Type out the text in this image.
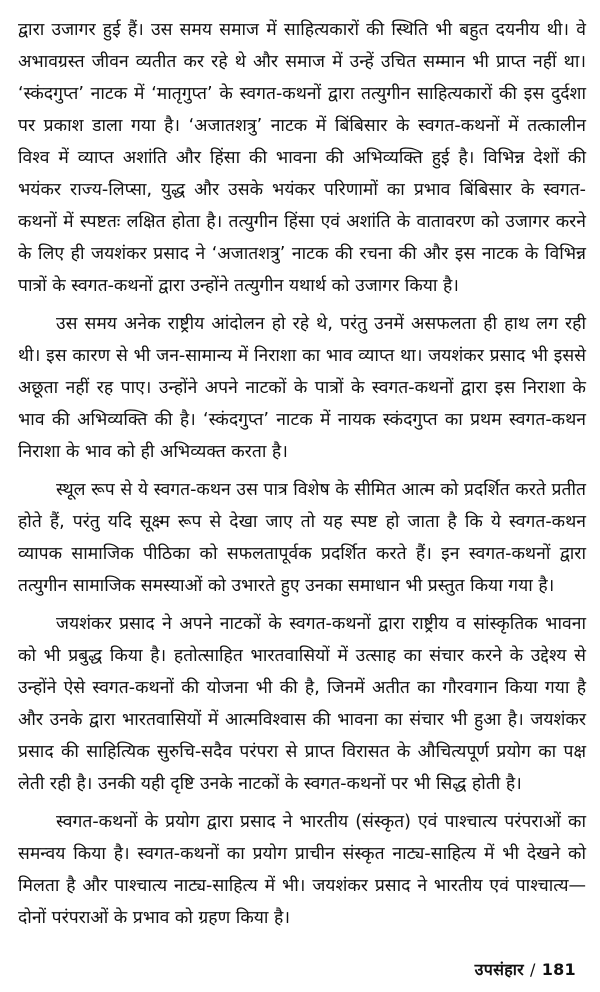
द्वारा उजागर हुई हैं। उस समय समाज में साहित्यकारों की स्थिति भी बहुत दयनीय थी। वे अभावग्रस्त जीवन व्यतीत कर रहे थे और समाज में उन्हें उचित सम्मान भी प्राप्त नहीं था। ‘स्कंदगुप्त’ नाटक में ‘मातृगुप्त’ के स्वगत-कथनों द्वारा तत्युगीन साहित्यकारों की इस दुर्दशा पर प्रकाश डाला गया है। ‘अजातशत्रु’ नाटक में बिंबिसार के स्वगत-कथनों में तत्कालीन विश्व में व्याप्त अशांति और हिंसा की भावना की अभिव्यक्ति हुई है। विभिन्न देशों की भयंकर राज्य-लिप्सा, युद्ध और उसके भयंकर परिणामों का प्रभाव बिंबिसार के स्वगत-कथनों में स्पष्टतः लक्षित होता है। तत्युगीन हिंसा एवं अशांति के वातावरण को उजागर करने के लिए ही जयशंकर प्रसाद ने ‘अजातशत्रु’ नाटक की रचना की और इस नाटक के विभिन्न पात्रों के स्वगत-कथनों द्वारा उन्होंने तत्युगीन यथार्थ को उजागर किया है।

उस समय अनेक राष्ट्रीय आंदोलन हो रहे थे, परंतु उनमें असफलता ही हाथ लग रही थी। इस कारण से भी जन-सामान्य में निराशा का भाव व्याप्त था। जयशंकर प्रसाद भी इससे अछूता नहीं रह पाए। उन्होंने अपने नाटकों के पात्रों के स्वगत-कथनों द्वारा इस निराशा के भाव की अभिव्यक्ति की है। ‘स्कंदगुप्त’ नाटक में नायक स्कंदगुप्त का प्रथम स्वगत-कथन निराशा के भाव को ही अभिव्यक्त करता है।

स्थूल रूप से ये स्वगत-कथन उस पात्र विशेष के सीमित आत्म को प्रदर्शित करते प्रतीत होते हैं, परंतु यदि सूक्ष्म रूप से देखा जाए तो यह स्पष्ट हो जाता है कि ये स्वगत-कथन व्यापक सामाजिक पीठिका को सफलतापूर्वक प्रदर्शित करते हैं। इन स्वगत-कथनों द्वारा तत्युगीन सामाजिक समस्याओं को उभारते हुए उनका समाधान भी प्रस्तुत किया गया है।

जयशंकर प्रसाद ने अपने नाटकों के स्वगत-कथनों द्वारा राष्ट्रीय व सांस्कृतिक भावना को भी प्रबुद्ध किया है। हतोत्साहित भारतवासियों में उत्साह का संचार करने के उद्देश्य से उन्होंने ऐसे स्वगत-कथनों की योजना भी की है, जिनमें अतीत का गौरवगान किया गया है और उनके द्वारा भारतवासियों में आत्मविश्वास की भावना का संचार भी हुआ है। जयशंकर प्रसाद की साहित्यिक सुरुचि-सदैव परंपरा से प्राप्त विरासत के औचित्यपूर्ण प्रयोग का पक्ष लेती रही है। उनकी यही दृष्टि उनके नाटकों के स्वगत-कथनों पर भी सिद्ध होती है।

स्वगत-कथनों के प्रयोग द्वारा प्रसाद ने भारतीय (संस्कृत) एवं पाश्चात्य परंपराओं का समन्वय किया है। स्वगत-कथनों का प्रयोग प्राचीन संस्कृत नाट्य-साहित्य में भी देखने को मिलता है और पाश्चात्य नाट्य-साहित्य में भी। जयशंकर प्रसाद ने भारतीय एवं पाश्चात्य—दोनों परंपराओं के प्रभाव को ग्रहण किया है।

उपसंहार / 181
